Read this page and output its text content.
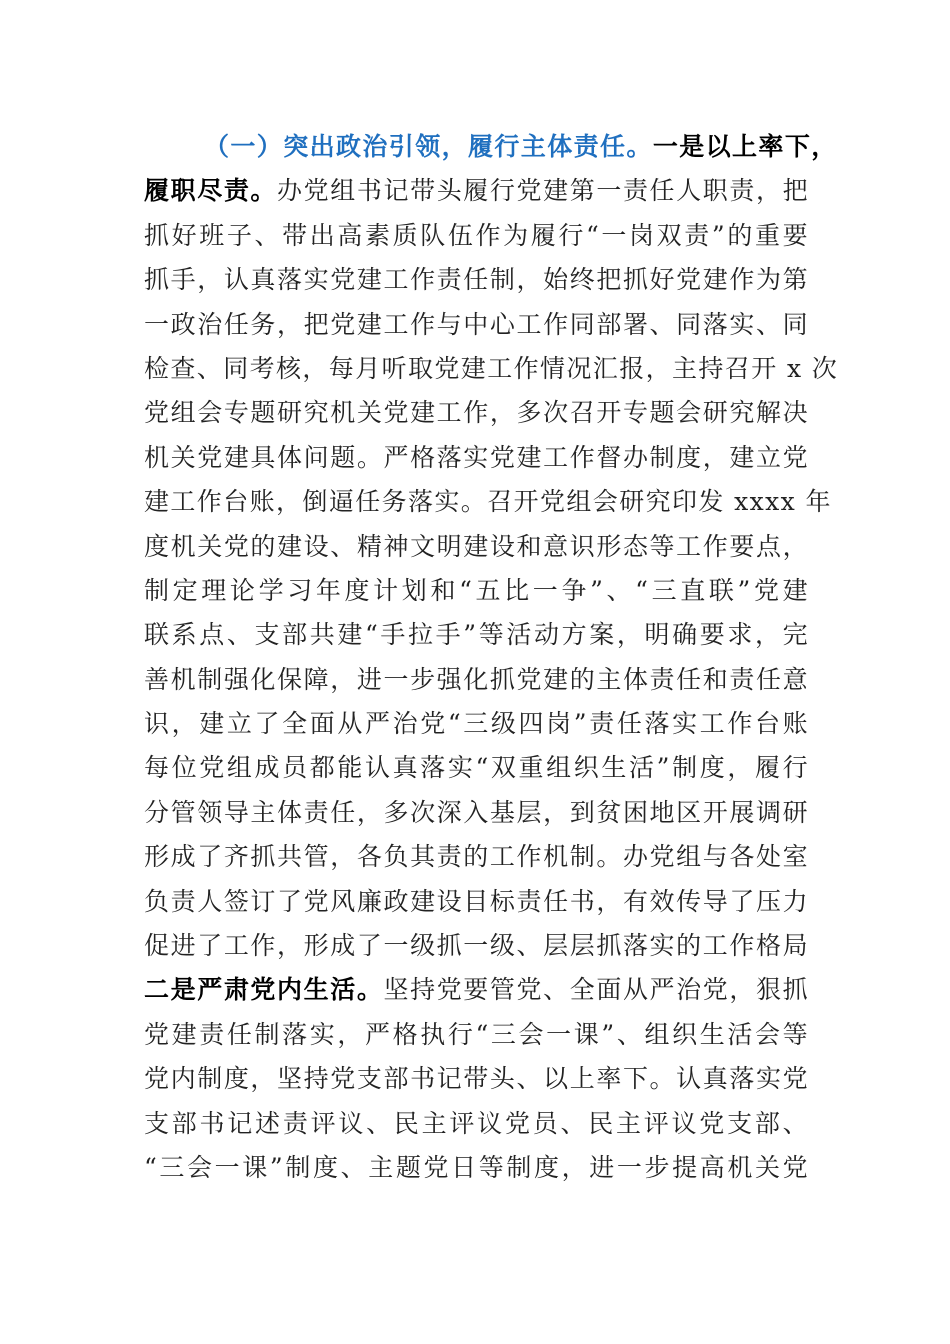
（一）突出政治引领，履行主体责任。一是以上率下，
履职尽责。办党组书记带头履行党建第一责任人职责，把
抓好班子、带出高素质队伍作为履行“一岗双责”的重要
抓手，认真落实党建工作责任制，始终把抓好党建作为第
一政治任务，把党建工作与中心工作同部署、同落实、同
检查、同考核，每月听取党建工作情况汇报，主持召开 x 次
党组会专题研究机关党建工作，多次召开专题会研究解决
机关党建具体问题。严格落实党建工作督办制度，建立党
建工作台账，倒逼任务落实。召开党组会研究印发 xxxx 年
度机关党的建设、精神文明建设和意识形态等工作要点，
制定理论学习年度计划和“五比一争”、“三直联”党建
联系点、支部共建“手拉手”等活动方案，明确要求，完
善机制强化保障，进一步强化抓党建的主体责任和责任意
识，建立了全面从严治党“三级四岗”责任落实工作台账
每位党组成员都能认真落实“双重组织生活”制度，履行
分管领导主体责任，多次深入基层，到贫困地区开展调研
形成了齐抓共管，各负其责的工作机制。办党组与各处室
负责人签订了党风廉政建设目标责任书，有效传导了压力
促进了工作，形成了一级抓一级、层层抓落实的工作格局
二是严肃党内生活。坚持党要管党、全面从严治党，狠抓
党建责任制落实，严格执行“三会一课”、组织生活会等
党内制度，坚持党支部书记带头、以上率下。认真落实党
支部书记述责评议、民主评议党员、民主评议党支部、
“三会一课”制度、主题党日等制度，进一步提高机关党
